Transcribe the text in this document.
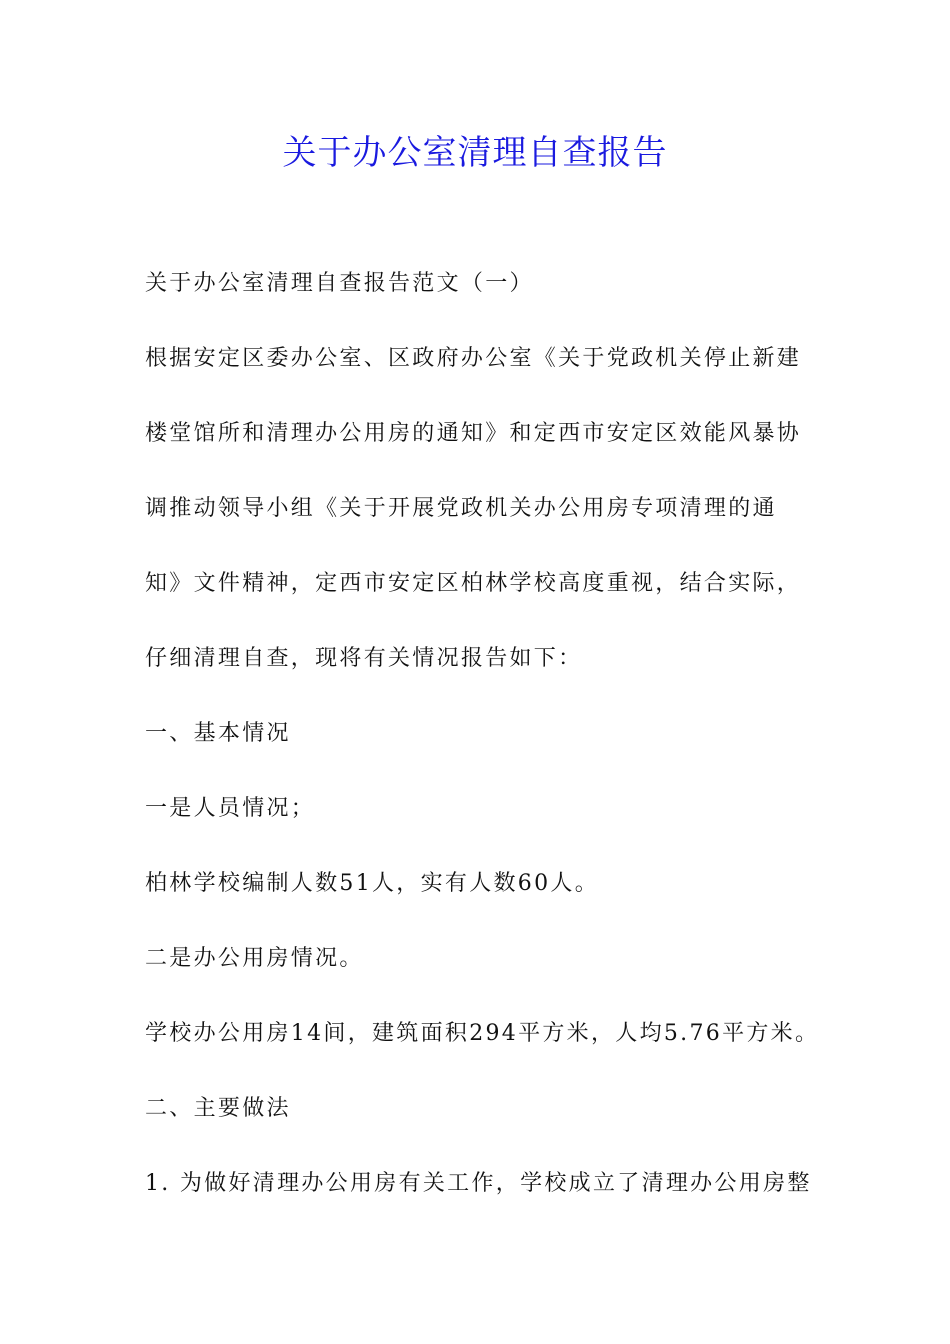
关于办公室清理自查报告

关于办公室清理自查报告范文（一）

根据安定区委办公室、区政府办公室《关于党政机关停止新建

楼堂馆所和清理办公用房的通知》和定西市安定区效能风暴协

调推动领导小组《关于开展党政机关办公用房专项清理的通

知》文件精神，定西市安定区柏林学校高度重视，结合实际，

仔细清理自查，现将有关情况报告如下：

一、基本情况

一是人员情况；

柏林学校编制人数51人，实有人数60人。

二是办公用房情况。

学校办公用房14间，建筑面积294平方米，人均5.76平方米。

二、主要做法

1. 为做好清理办公用房有关工作，学校成立了清理办公用房整
